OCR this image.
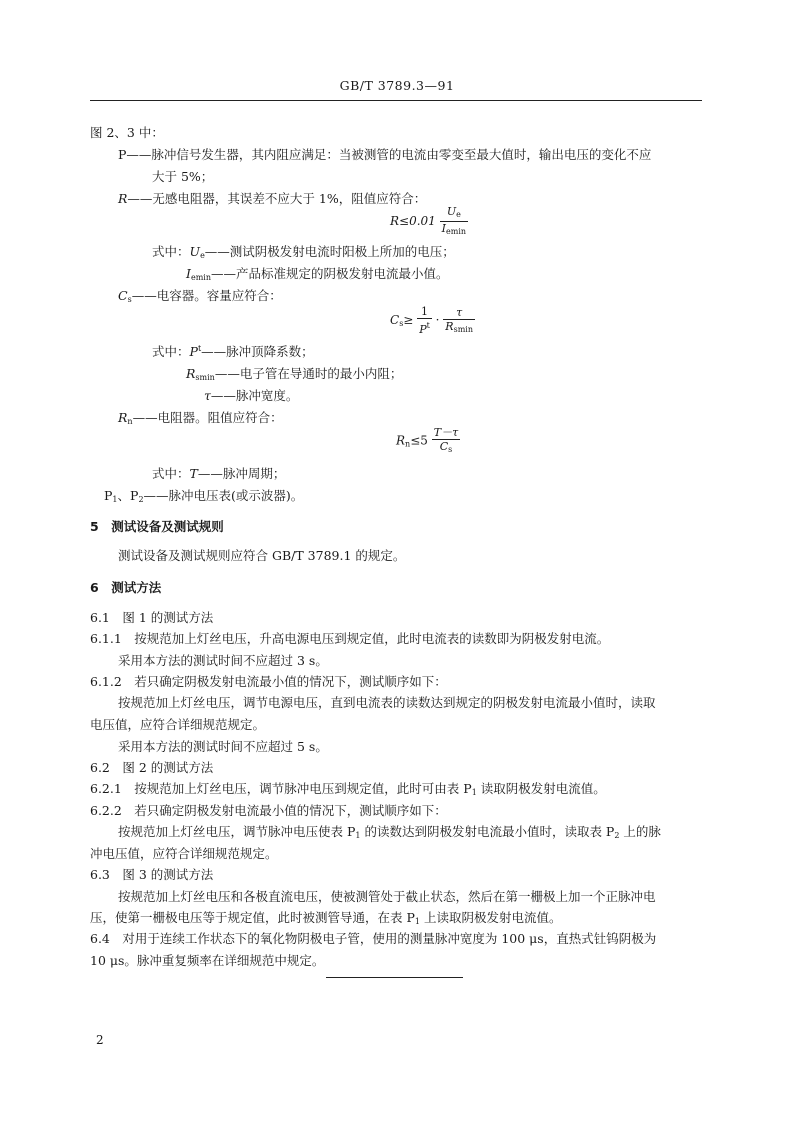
GB/T 3789.3—91
图 2、3 中：
P——脉冲信号发生器，其内阻应满足：当被测管的电流由零变至最大值时，输出电压的变化不应
大于 5%；
R——无感电阻器，其误差不应大于 1%，阻值应符合：
$R\le 0.01 \frac{U_e}{I_{emin}}$
式中：$U_e——$测试阴极发射电流时阳极上所加的电压；
$I_{emin}——$产品标准规定的阴极发射电流最小值。
$C_s——$电容器。容量应符合：
$C_s\ge \frac{1}{P^t} \cdot \frac{\tau}{R_{smin}}$
式中：$P^t——$脉冲顶降系数；
$R_{smin}——$电子管在导通时的最小内阻；
τ——脉冲宽度。
$R_n——$电阻器。阻值应符合：
$R_n\le 5 \frac{T-\tau}{C_s}$
式中：T——脉冲周期；
$P_1$、$P_2——$脉冲电压表(或示波器)。
5　测试设备及测试规则
测试设备及测试规则应符合 GB/T 3789.1 的规定。
6　测试方法
6.1　图 1 的测试方法
6.1.1　按规范加上灯丝电压，升高电源电压到规定值，此时电流表的读数即为阴极发射电流。
采用本方法的测试时间不应超过 3 s。
6.1.2　若只确定阴极发射电流最小值的情况下，测试顺序如下：
按规范加上灯丝电压，调节电源电压，直到电流表的读数达到规定的阴极发射电流最小值时，读取
电压值，应符合详细规范规定。
采用本方法的测试时间不应超过 5 s。
6.2　图 2 的测试方法
6.2.1　按规范加上灯丝电压，调节脉冲电压到规定值，此时可由表 $P_1$ 读取阴极发射电流值。
6.2.2　若只确定阴极发射电流最小值的情况下，测试顺序如下：
按规范加上灯丝电压，调节脉冲电压使表 $P_1$ 的读数达到阴极发射电流最小值时，读取表 $P_2$ 上的脉
冲电压值，应符合详细规范规定。
6.3　图 3 的测试方法
按规范加上灯丝电压和各极直流电压，使被测管处于截止状态，然后在第一栅极上加一个正脉冲电
压，使第一栅极电压等于规定值，此时被测管导通，在表 $P_1$ 上读取阴极发射电流值。
6.4　对用于连续工作状态下的氧化物阴极电子管，使用的测量脉冲宽度为 100 μs，直热式钍钨阴极为
10 μs。脉冲重复频率在详细规范中规定。
2
